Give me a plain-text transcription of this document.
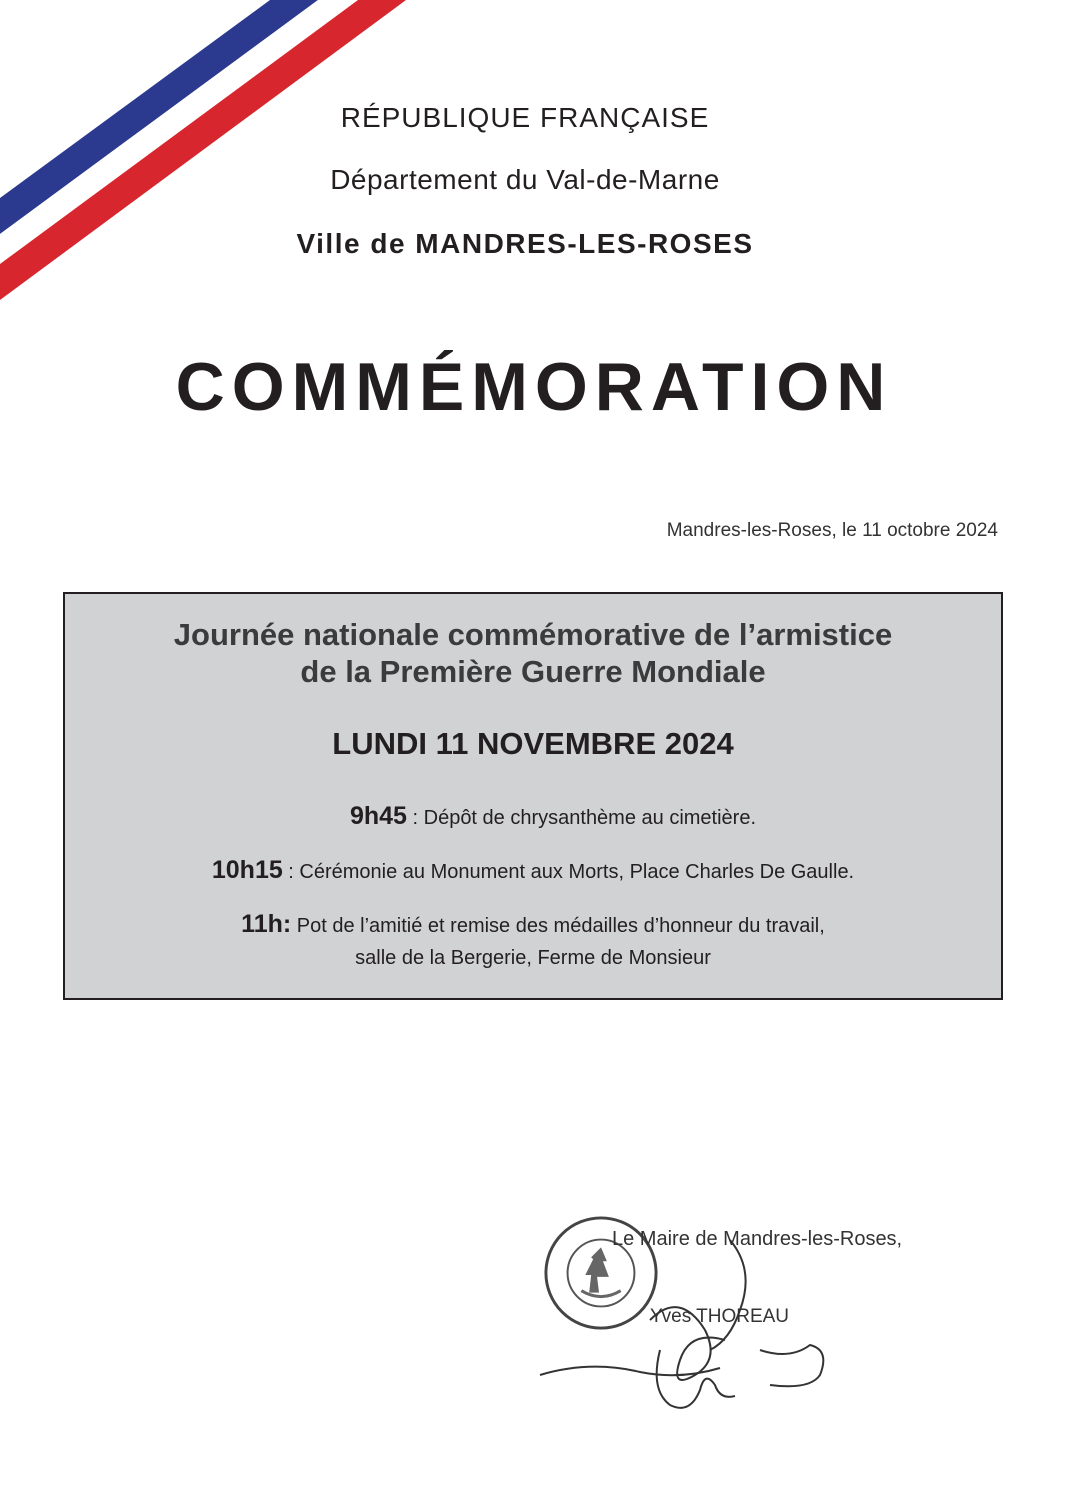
RÉPUBLIQUE FRANÇAISE
Département du Val-de-Marne
Ville de MANDRES-LES-ROSES
COMMÉMORATION
Mandres-les-Roses, le 11 octobre 2024
Journée nationale commémorative de l’armistice
de la Première Guerre Mondiale
LUNDI 11 NOVEMBRE 2024
9h45 : Dépôt de chrysanthème au cimetière.
10h15 : Cérémonie au Monument aux Morts, Place Charles De Gaulle.
11h: Pot de l’amitié et remise des médailles d’honneur du travail,
salle de la Bergerie, Ferme de Monsieur
Le Maire de Mandres-les-Roses,
Yves THOREAU
